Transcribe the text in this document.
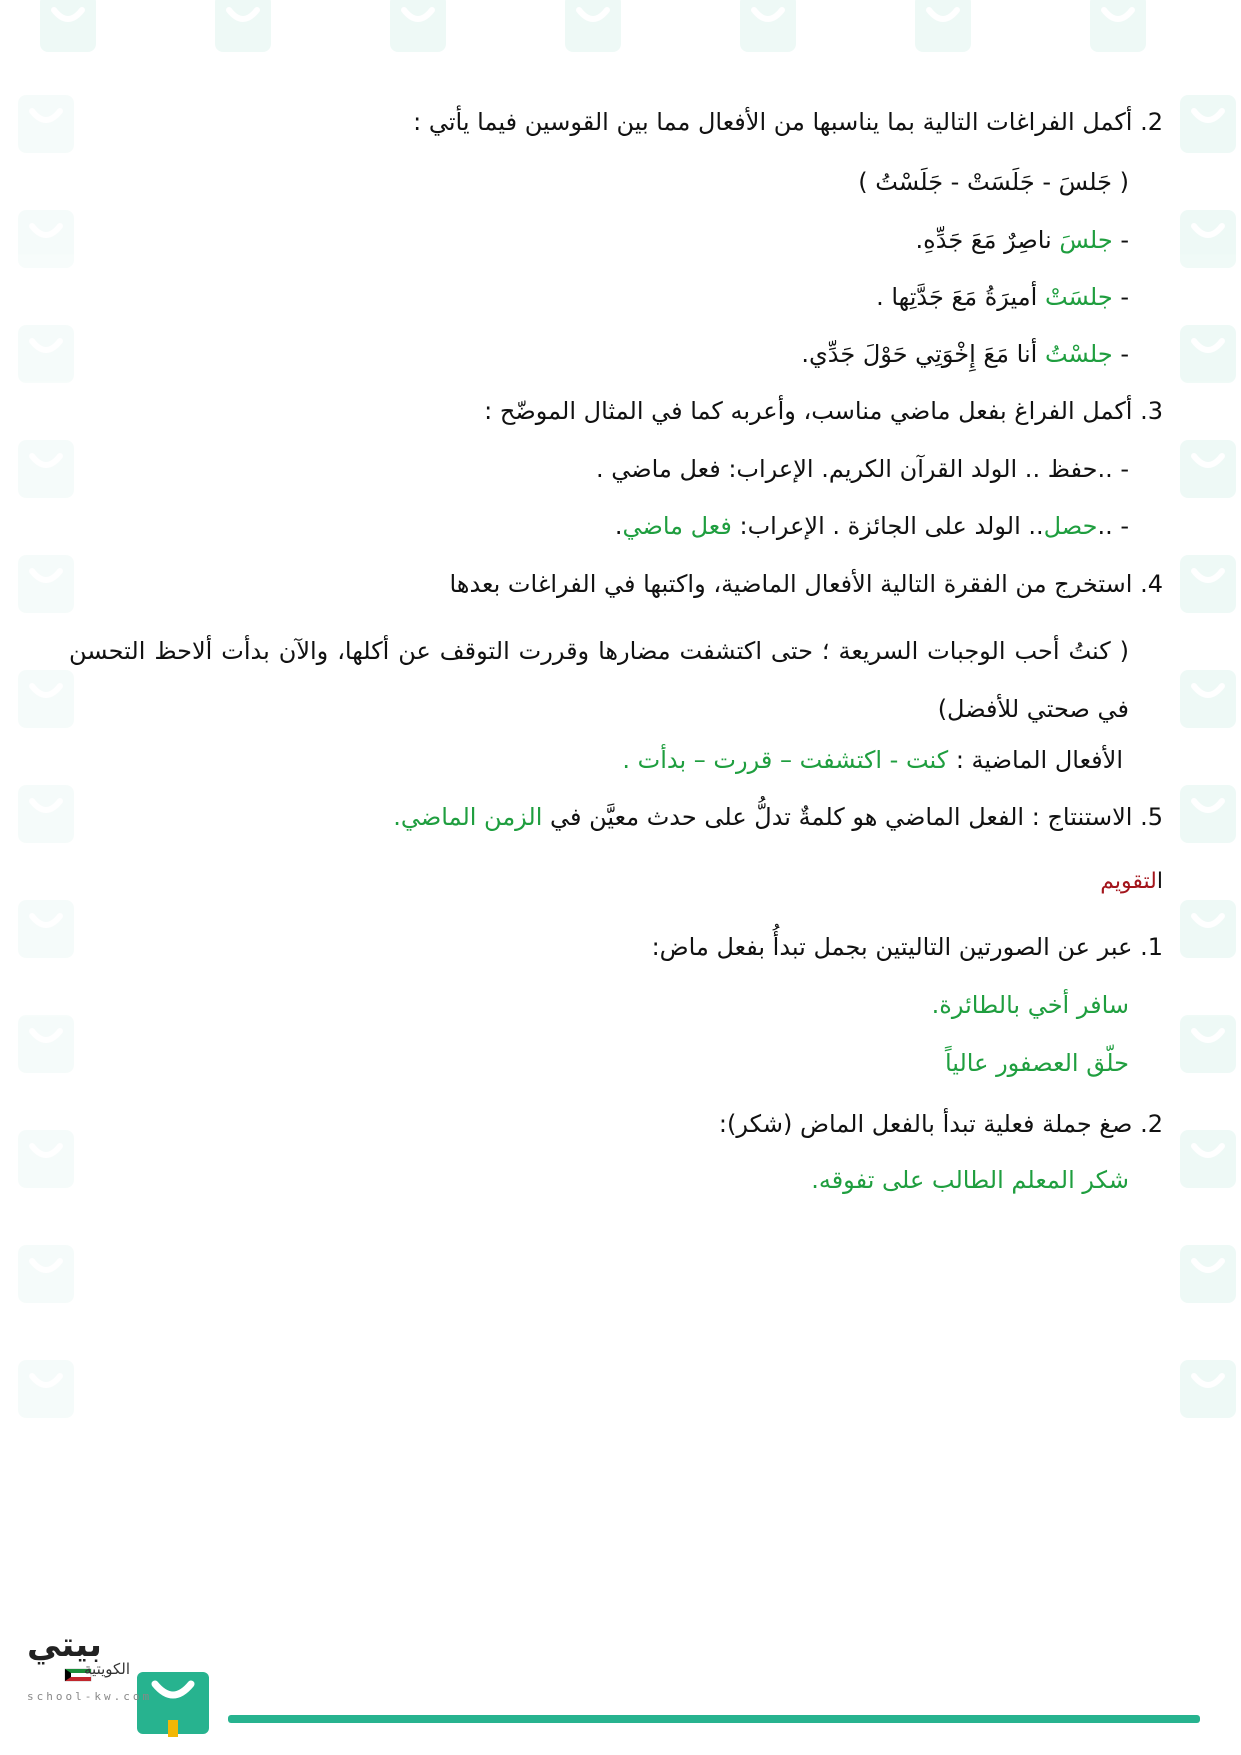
2. أكمل الفراغات التالية بما يناسبها من الأفعال مما بين القوسين فيما يأتي :
( جَلسَ - جَلَسَتْ - جَلَسْتُ )
- جلسَ ناصِرٌ مَعَ جَدِّهِ.
- جلسَتْ أميرَةُ مَعَ جَدَّتِها .
- جلسْتُ أنا مَعَ إِخْوَتِي حَوْلَ جَدِّي.
3. أكمل الفراغ بفعل ماضي مناسب، وأعربه كما في المثال الموضّح :
- ..حفظ .. الولد القرآن الكريم. الإعراب: فعل ماضي .
- ..حصل.. الولد على الجائزة . الإعراب: فعل ماضي.
4. استخرج من الفقرة التالية الأفعال الماضية، واكتبها في الفراغات بعدها
( كنتُ أحب الوجبات السريعة ؛ حتى اكتشفت مضارها وقررت التوقف عن أكلها، والآن بدأت ألاحظ التحسن في صحتي للأفضل)
الأفعال الماضية : كنت - اكتشفت – قررت – بدأت .
5. الاستنتاج : الفعل الماضي هو كلمةٌ تدلُّ على حدث معيَّن في الزمن الماضي.
التقويم
1. عبر عن الصورتين التاليتين بجمل تبدأُ بفعل ماض:
سافر أخي بالطائرة.
حلّق العصفور عالياً
2. صغ جملة فعلية تبدأ بالفعل الماض (شكر):
شكر المعلم الطالب على تفوقه.
بيتي
الكويتية
school-kw.com
